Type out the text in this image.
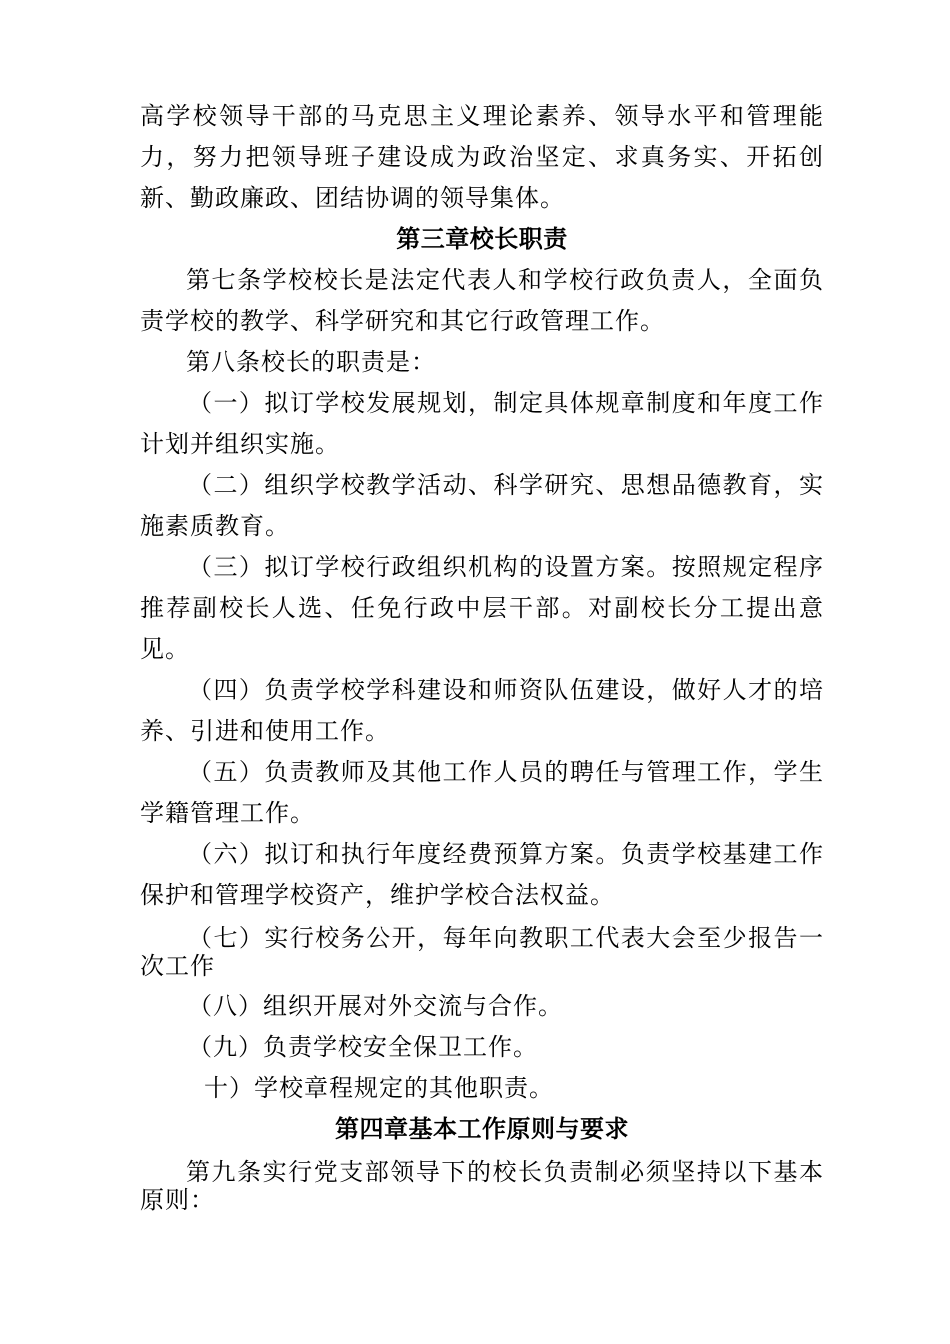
高学校领导干部的马克思主义理论素养、领导水平和管理能力，努力把领导班子建设成为政治坚定、求真务实、开拓创新、勤政廉政、团结协调的领导集体。

第三章校长职责

第七条学校校长是法定代表人和学校行政负责人，全面负责学校的教学、科学研究和其它行政管理工作。

第八条校长的职责是：

（一）拟订学校发展规划，制定具体规章制度和年度工作计划并组织实施。

（二）组织学校教学活动、科学研究、思想品德教育，实施素质教育。

（三）拟订学校行政组织机构的设置方案。按照规定程序推荐副校长人选、任免行政中层干部。对副校长分工提出意见。

（四）负责学校学科建设和师资队伍建设，做好人才的培养、引进和使用工作。

（五）负责教师及其他工作人员的聘任与管理工作，学生学籍管理工作。

（六）拟订和执行年度经费预算方案。负责学校基建工作保护和管理学校资产，维护学校合法权益。

（七）实行校务公开，每年向教职工代表大会至少报告一次工作

（八）组织开展对外交流与合作。

（九）负责学校安全保卫工作。

十）学校章程规定的其他职责。

第四章基本工作原则与要求

第九条实行党支部领导下的校长负责制必须坚持以下基本原则：
